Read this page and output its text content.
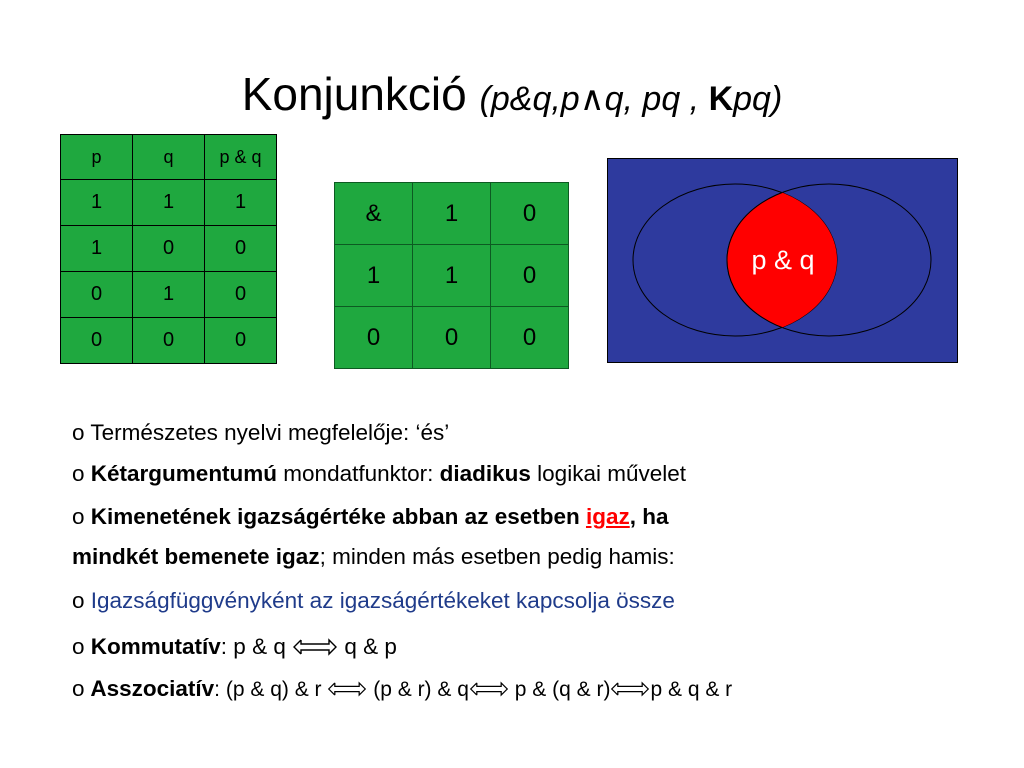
Konjunkció (p&q,p∧q, pq , Kpq)
p	q	p & q
1	1	1
1	0	0
0	1	0
0	0	0
&	1	0
1	1	0
0	0	0
p & q
o Természetes nyelvi megfelelője: ‘és’
o Kétargumentumú mondatfunktor: diadikus logikai művelet
o Kimenetének igazságértéke abban az esetben igaz, ha
mindkét bemenete igaz; minden más esetben pedig hamis:
o Igazságfüggvényként az igazságértékeket kapcsolja össze
o Kommutatív: p & q	q & p
o Asszociatív: (p & q) & r (p & r) & q p & (q & r) p & q & r
